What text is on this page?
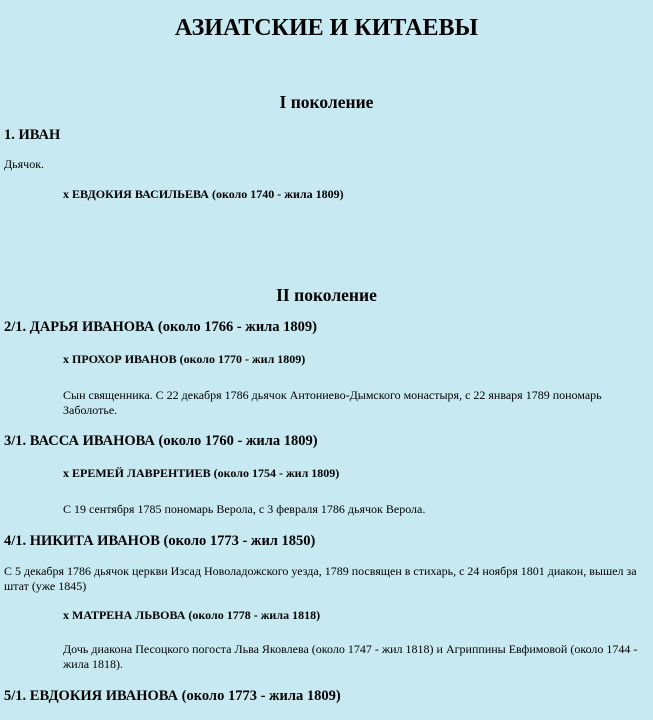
АЗИАТСКИЕ И КИТАЕВЫ
I поколение
1. ИВАН
Дьячок.
х ЕВДОКИЯ ВАСИЛЬЕВА (около 1740 - жила 1809)
II поколение
2/1. ДАРЬЯ ИВАНОВА (около 1766 - жила 1809)
х ПРОХОР ИВАНОВ (около 1770 - жил 1809)
Сын священника. С 22 декабря 1786 дьячок Антониево-Дымского монастыря, с 22 января 1789 пономарь Заболотье.
3/1. ВАССА ИВАНОВА (около 1760 - жила 1809)
х ЕРЕМЕЙ ЛАВРЕНТИЕВ (около 1754 - жил 1809)
С 19 сентября 1785 пономарь Верола, с 3 февраля 1786 дьячок Верола.
4/1. НИКИТА ИВАНОВ (около 1773 - жил 1850)
С 5 декабря 1786 дьячок церкви Изсад Новоладожского уезда, 1789 посвящен в стихарь, с 24 ноября 1801 диакон, вышел за штат (уже 1845)
х МАТРЕНА ЛЬВОВА (около 1778 - жила 1818)
Дочь диакона Песоцкого погоста Льва Яковлева (около 1747 - жил 1818) и Агриппины Евфимовой (около 1744 - жила 1818).
5/1. ЕВДОКИЯ ИВАНОВА (около 1773 - жила 1809)
